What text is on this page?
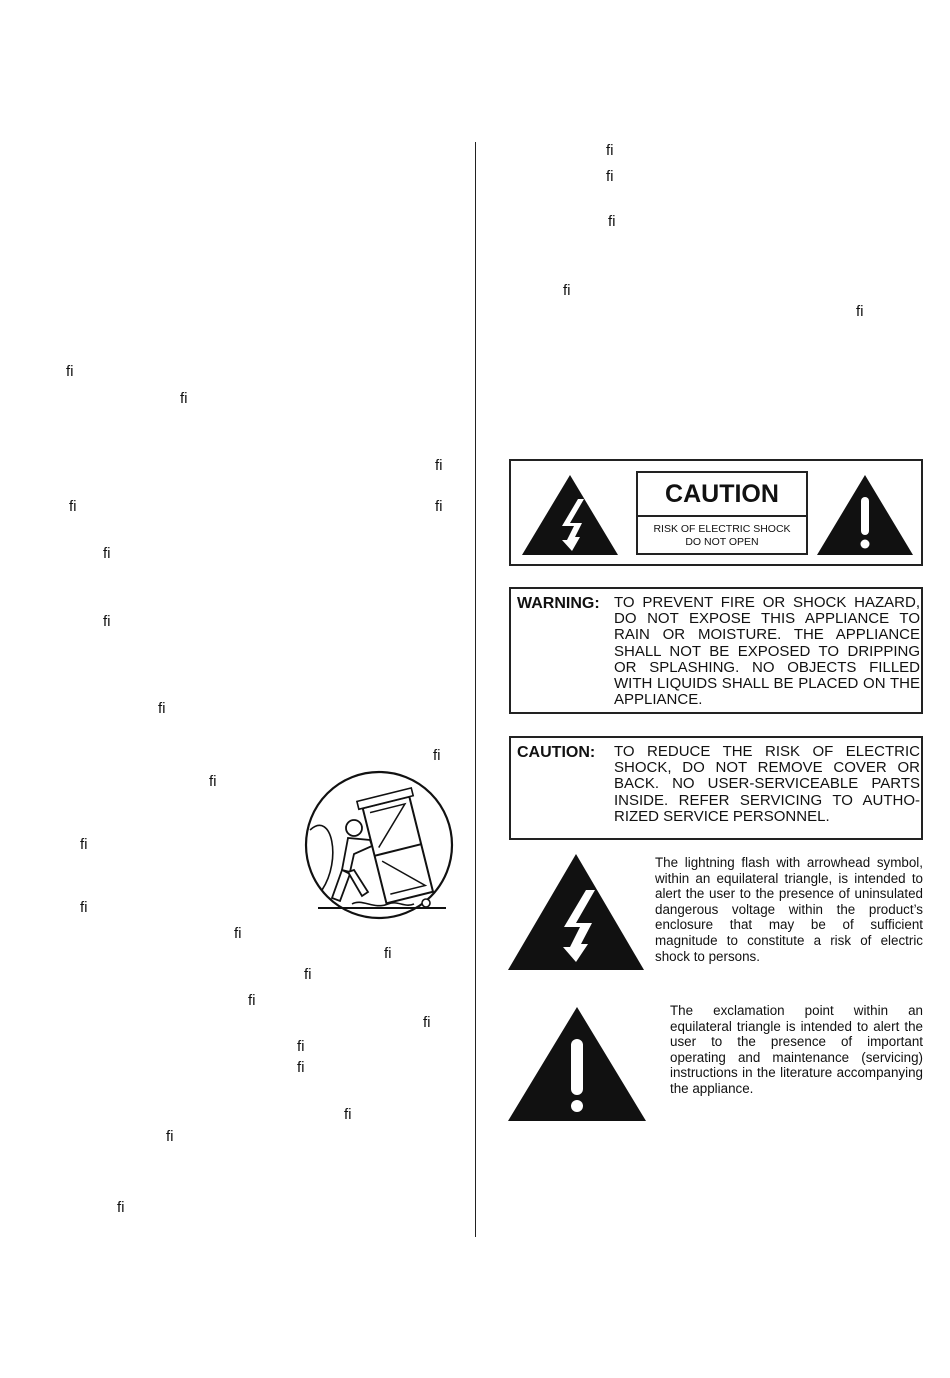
ﬁ
ﬁ
ﬁ
ﬁ	ﬁ
ﬁ
ﬁ
ﬁ
ﬁ
ﬁ
ﬁ
ﬁ
ﬁ
ﬁ
ﬁ
ﬁ
ﬁ
ﬁ
ﬁ
ﬁ
ﬁ
ﬁ
ﬁ
ﬁ
ﬁ
ﬁ
ﬁ
CAUTION
RISK OF ELECTRIC SHOCK
DO NOT OPEN
WARNING: TO PREVENT FIRE OR SHOCK HAZARD, DO NOT EXPOSE THIS APPLIANCE TO RAIN OR MOISTURE. THE APPLIANCE SHALL NOT BE EXPOSED TO DRIPPING OR SPLASHING. NO OBJECTS FILLED WITH LIQUIDS SHALL BE PLACED ON THE APPLIANCE.
CAUTION: TO REDUCE THE RISK OF ELECTRIC SHOCK, DO NOT REMOVE COVER OR BACK. NO USER-SERVICEABLE PARTS INSIDE. REFER SERVICING TO AUTHORIZED SERVICE PERSONNEL.
The lightning flash with arrowhead symbol, within an equilateral triangle, is intended to alert the user to the presence of uninsulated dangerous voltage within the product’s enclosure that may be of sufficient magnitude to constitute a risk of electric shock to persons.
The exclamation point within an equilateral triangle is intended to alert the user to the presence of important operating and maintenance (servicing) instructions in the literature accompanying the appliance.
